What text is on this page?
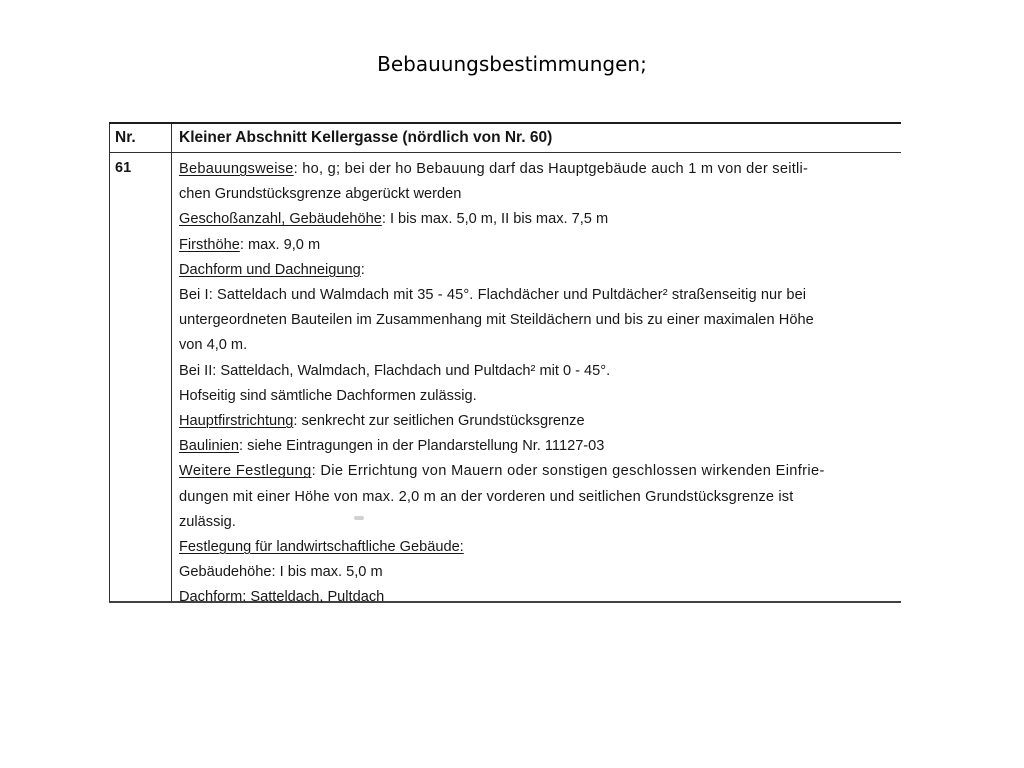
Bebauungsbestimmungen;
Nr.	Kleiner Abschnitt Kellergasse (nördlich von Nr. 60)
61	Bebauungsweise: ho, g; bei der ho Bebauung darf das Hauptgebäude auch 1 m von der seitli-
chen Grundstücksgrenze abgerückt werden
Geschoßanzahl, Gebäudehöhe: I bis max. 5,0 m, II bis max. 7,5 m
Firsthöhe: max. 9,0 m
Dachform und Dachneigung:
Bei I: Satteldach und Walmdach mit 35 - 45°. Flachdächer und Pultdächer² straßenseitig nur bei
untergeordneten Bauteilen im Zusammenhang mit Steildächern und bis zu einer maximalen Höhe
von 4,0 m.
Bei II: Satteldach, Walmdach, Flachdach und Pultdach² mit 0 - 45°.
Hofseitig sind sämtliche Dachformen zulässig.
Hauptfirstrichtung: senkrecht zur seitlichen Grundstücksgrenze
Baulinien: siehe Eintragungen in der Plandarstellung Nr. 11127-03
Weitere Festlegung: Die Errichtung von Mauern oder sonstigen geschlossen wirkenden Einfrie-
dungen mit einer Höhe von max. 2,0 m an der vorderen und seitlichen Grundstücksgrenze ist
zulässig.
Festlegung für landwirtschaftliche Gebäude:
Gebäudehöhe: I bis max. 5,0 m
Dachform: Satteldach, Pultdach
